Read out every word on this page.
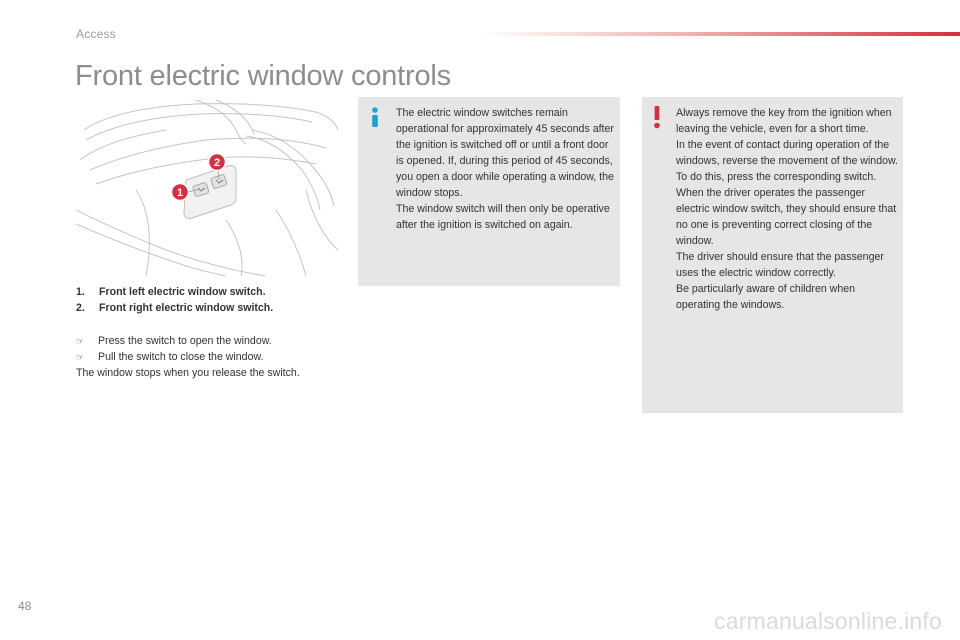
Access
Front electric window controls
1
2
1.	Front left electric window switch.
2.	Front right electric window switch.
☞	Press the switch to open the window.
☞	Pull the switch to close the window.
The window stops when you release the switch.

The electric window switches remain operational for approximately 45 seconds after the ignition is switched off or until a front door is opened. If, during this period of 45 seconds, you open a door while operating a window, the window stops.

The window switch will then only be operative after the ignition is switched on again.

Always remove the key from the ignition when leaving the vehicle, even for a short time.

In the event of contact during operation of the windows, reverse the movement of the window. To do this, press the corresponding switch.

When the driver operates the passenger electric window switch, they should ensure that no one is preventing correct closing of the window.

The driver should ensure that the passenger uses the electric window correctly.

Be particularly aware of children when operating the windows.

48
carmanualsonline.info
